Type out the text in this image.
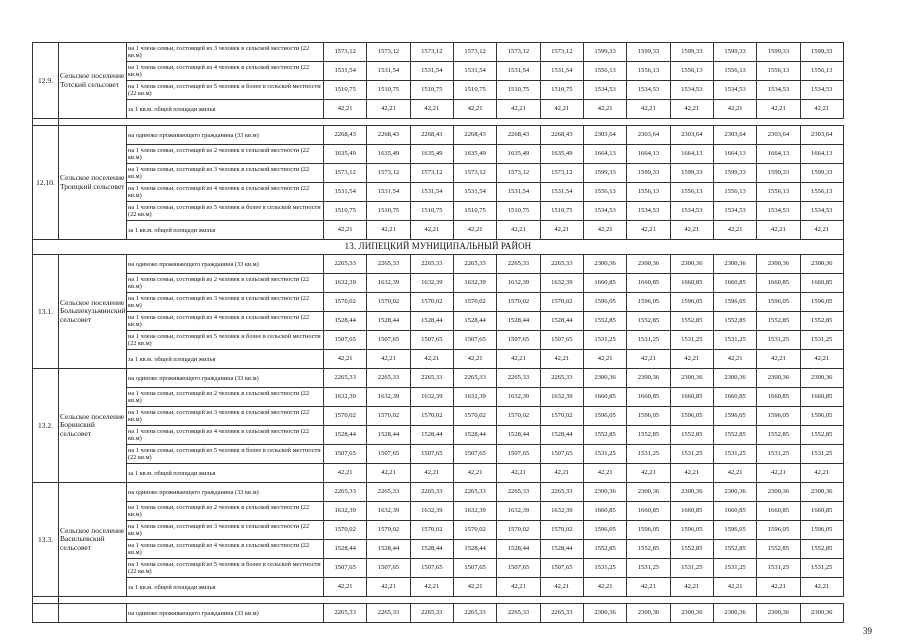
12.9.	Сельское поселение Тотский сельсовет	на 1 члена семьи, состоящей из 3 человек в сельской местности (22 кв.м)	1573,12	1573,12	1573,12	1573,12	1573,12	1573,12	1599,33	1599,33	1599,33	1599,33	1599,33	1599,33
		на 1 члена семьи, состоящей из 4 человек в сельской местности (22 кв.м)	1531,54	1531,54	1531,54	1531,54	1531,54	1531,54	1556,13	1556,13	1556,13	1556,13	1556,13	1556,13
		на 1 члена семьи, состоящей из 5 человек и более в сельской местности (22 кв.м)	1510,75	1510,75	1510,75	1510,75	1510,75	1510,75	1534,53	1534,53	1534,53	1534,53	1534,53	1534,53
		за 1 кв.м. общей площади жилья	42,21	42,21	42,21	42,21	42,21	42,21	42,21	42,21	42,21	42,21	42,21	42,21

12.10.	Сельское поселение Троицкий сельсовет	на одиноко проживающего гражданина (33 кв.м)	2268,43	2268,43	2268,43	2268,43	2268,43	2268,43	2303,64	2303,64	2303,64	2303,64	2303,64	2303,64
		на 1 члена семьи, состоящей из 2 человек в сельской местности (22 кв.м)	1635,49	1635,49	1635,49	1635,49	1635,49	1635,49	1664,13	1664,13	1664,13	1664,13	1664,13	1664,13
		на 1 члена семьи, состоящей из 3 человек в сельской местности (22 кв.м)	1573,12	1573,12	1573,12	1573,12	1573,12	1573,12	1599,33	1599,33	1599,33	1599,33	1599,33	1599,33
		на 1 члена семьи, состоящей из 4 человек в сельской местности (22 кв.м)	1531,54	1531,54	1531,54	1531,54	1531,54	1531,54	1556,13	1556,13	1556,13	1556,13	1556,13	1556,13
		на 1 члена семьи, состоящей из 5 человек и более в сельской местности (22 кв.м)	1510,75	1510,75	1510,75	1510,75	1510,75	1510,75	1534,53	1534,53	1534,53	1534,53	1534,53	1534,53
		за 1 кв.м. общей площади жилья	42,21	42,21	42,21	42,21	42,21	42,21	42,21	42,21	42,21	42,21	42,21	42,21
13. ЛИПЕЦКИЙ МУНИЦИПАЛЬНЫЙ РАЙОН														
13.1.	Сельское поселение Большекузьминский сельсовет	на одиноко проживающего гражданина (33 кв.м)	2265,33	2265,33	2265,33	2265,33	2265,33	2265,33	2300,36	2300,36	2300,36	2300,36	2300,36	2300,36
		на 1 члена семьи, состоящей из 2 человек в сельской местности (22 кв.м)	1632,39	1632,39	1632,39	1632,39	1632,39	1632,39	1660,85	1660,85	1660,85	1660,85	1660,85	1660,85
		на 1 члена семьи, состоящей из 3 человек в сельской местности (22 кв.м)	1570,02	1570,02	1570,02	1570,02	1570,02	1570,02	1596,05	1596,05	1596,05	1596,05	1596,05	1596,05
		на 1 члена семьи, состоящей из 4 человек в сельской местности (22 кв.м)	1528,44	1528,44	1528,44	1528,44	1528,44	1528,44	1552,85	1552,85	1552,85	1552,85	1552,85	1552,85
		на 1 члена семьи, состоящей из 5 человек и более в сельской местности (22 кв.м)	1507,65	1507,65	1507,65	1507,65	1507,65	1507,65	1531,25	1531,25	1531,25	1531,25	1531,25	1531,25
		за 1 кв.м. общей площади жилья	42,21	42,21	42,21	42,21	42,21	42,21	42,21	42,21	42,21	42,21	42,21	42,21
13.2.	Сельское поселение Боринский сельсовет	на одиноко проживающего гражданина (33 кв.м)	2265,33	2265,33	2265,33	2265,33	2265,33	2265,33	2300,36	2300,36	2300,36	2300,36	2300,36	2300,36
		на 1 члена семьи, состоящей из 2 человек в сельской местности (22 кв.м)	1632,39	1632,39	1632,39	1632,39	1632,39	1632,39	1660,85	1660,85	1660,85	1660,85	1660,85	1660,85
		на 1 члена семьи, состоящей из 3 человек в сельской местности (22 кв.м)	1570,02	1570,02	1570,02	1570,02	1570,02	1570,02	1596,05	1596,05	1596,05	1596,05	1596,05	1596,05
		на 1 члена семьи, состоящей из 4 человек в сельской местности (22 кв.м)	1528,44	1528,44	1528,44	1528,44	1528,44	1528,44	1552,85	1552,85	1552,85	1552,85	1552,85	1552,85
		на 1 члена семьи, состоящей из 5 человек и более в сельской местности (22 кв.м)	1507,65	1507,65	1507,65	1507,65	1507,65	1507,65	1531,25	1531,25	1531,25	1531,25	1531,25	1531,25
		за 1 кв.м. общей площади жилья	42,21	42,21	42,21	42,21	42,21	42,21	42,21	42,21	42,21	42,21	42,21	42,21
13.3.	Сельское поселение Васильевский сельсовет	на одиноко проживающего гражданина (33 кв.м)	2265,33	2265,33	2265,33	2265,33	2265,33	2265,33	2300,36	2300,36	2300,36	2300,36	2300,36	2300,36
		на 1 члена семьи, состоящей из 2 человек в сельской местности (22 кв.м)	1632,39	1632,39	1632,39	1632,39	1632,39	1632,39	1660,85	1660,85	1660,85	1660,85	1660,85	1660,85
		на 1 члена семьи, состоящей из 3 человек в сельской местности (22 кв.м)	1570,02	1570,02	1570,02	1570,02	1570,02	1570,02	1596,05	1596,05	1596,05	1596,05	1596,05	1596,05
		на 1 члена семьи, состоящей из 4 человек в сельской местности (22 кв.м)	1528,44	1528,44	1528,44	1528,44	1528,44	1528,44	1552,85	1552,85	1552,85	1552,85	1552,85	1552,85
		на 1 члена семьи, состоящей из 5 человек и более в сельской местности (22 кв.м)	1507,65	1507,65	1507,65	1507,65	1507,65	1507,65	1531,25	1531,25	1531,25	1531,25	1531,25	1531,25
		за 1 кв.м. общей площади жилья	42,21	42,21	42,21	42,21	42,21	42,21	42,21	42,21	42,21	42,21	42,21	42,21

		на одиноко проживающего гражданина (33 кв.м)	2265,33	2265,33	2265,33	2265,33	2265,33	2265,33	2300,36	2300,36	2300,36	2300,36	2300,36	2300,36
39
